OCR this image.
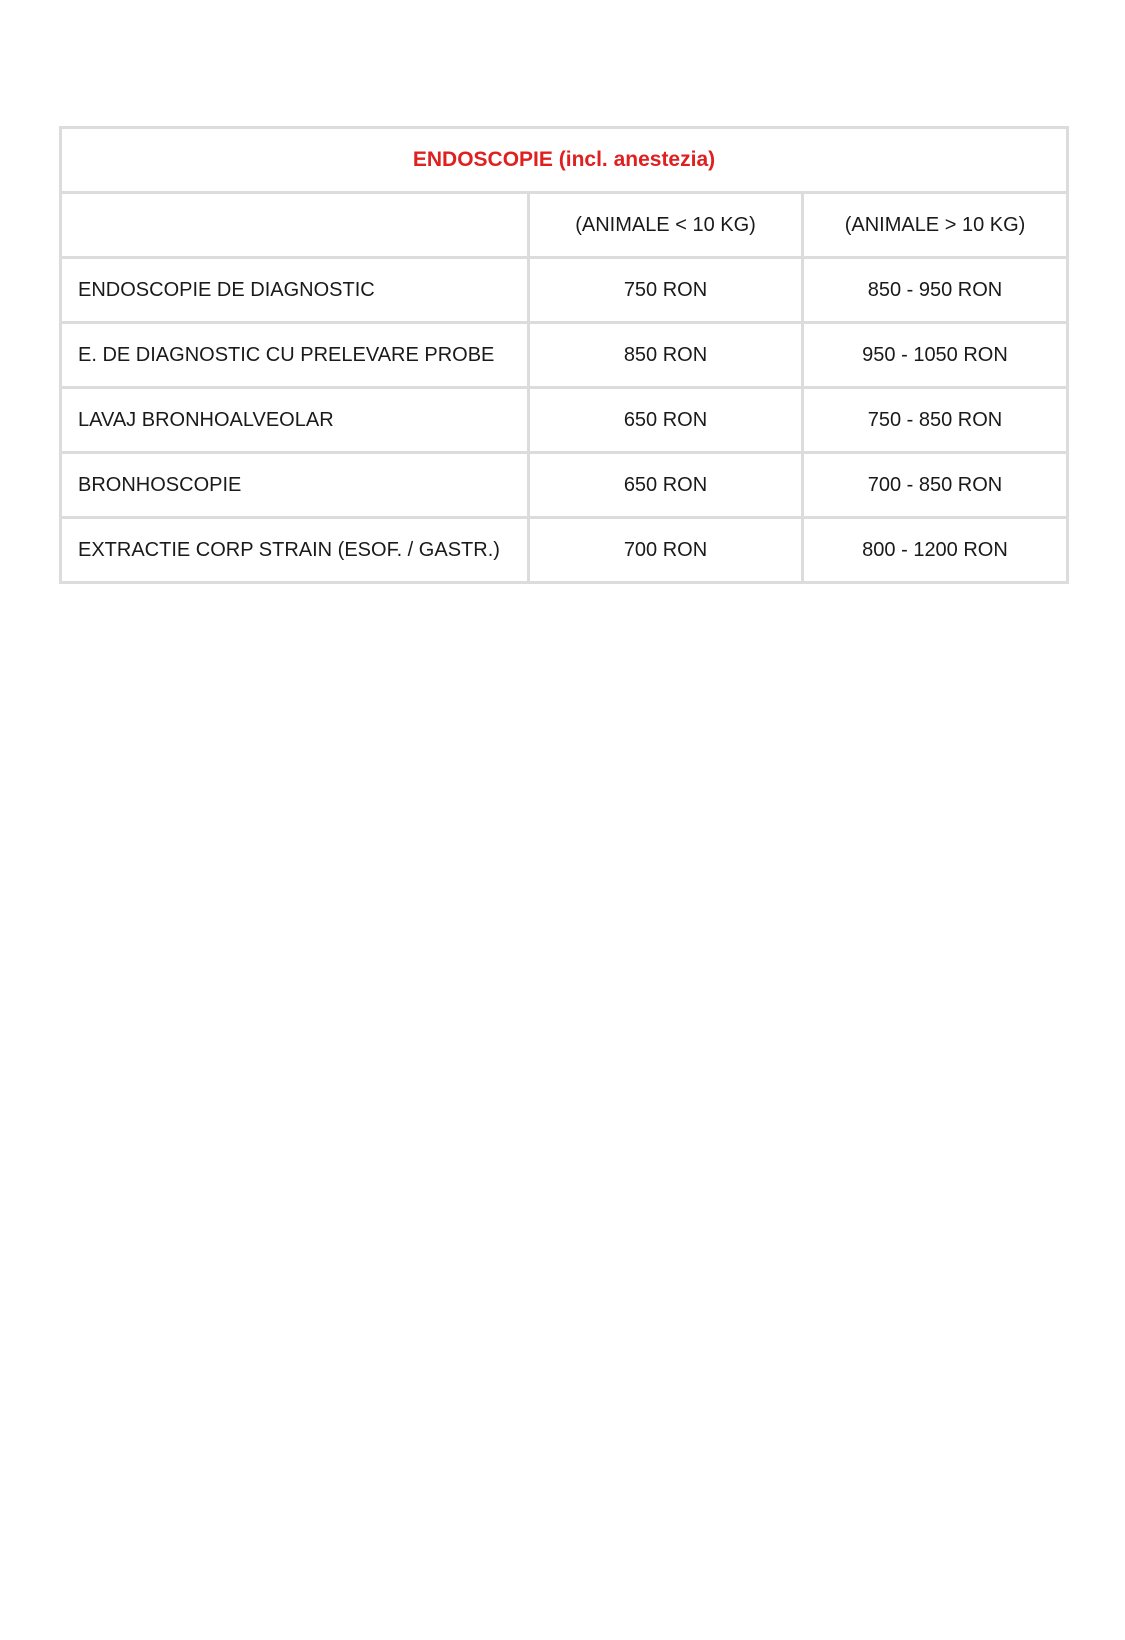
ENDOSCOPIE (incl. anestezia)		
	(ANIMALE < 10 KG)	(ANIMALE > 10 KG)
ENDOSCOPIE DE DIAGNOSTIC	750 RON	850 - 950 RON
E. DE DIAGNOSTIC CU PRELEVARE PROBE	850 RON	950 - 1050 RON
LAVAJ BRONHOALVEOLAR	650 RON	750 - 850 RON
BRONHOSCOPIE	650 RON	700 - 850 RON
EXTRACTIE CORP STRAIN (ESOF. / GASTR.)	700 RON	800 - 1200 RON
